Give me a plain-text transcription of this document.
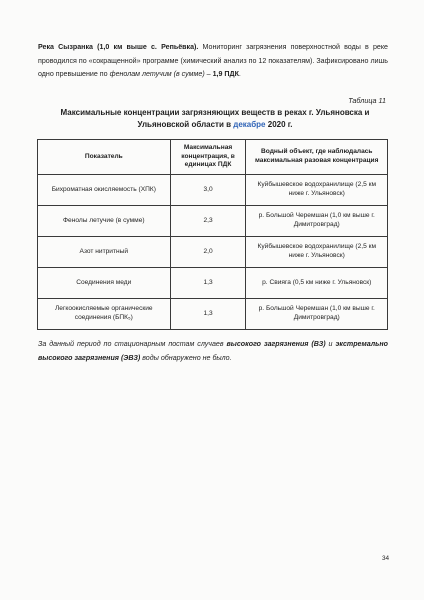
Река Сызранка (1,0 км выше с. Репьёвка). Мониторинг загрязнения поверхностной воды в реке проводился по «сокращенной» программе (химический анализ по 12 показателям). Зафиксировано лишь одно превышение по фенолам летучим (в сумме) – 1,9 ПДК.

Таблица 11
Максимальные концентрации загрязняющих веществ в реках г. Ульяновска и Ульяновской области в декабре 2020 г.
Показатель	Максимальная концентрация, в единицах ПДК	Водный объект, где наблюдалась максимальная разовая концентрация
Бихроматная окисляемость (ХПК)	3,0	Куйбышевское водохранилище (2,5 км ниже г. Ульяновск)
Фенолы летучие (в сумме)	2,3	р. Большой Черемшан (1,0 км выше г. Димитровград)
Азот нитритный	2,0	Куйбышевское водохранилище (2,5 км ниже г. Ульяновск)
Соединения меди	1,3	р. Свияга (0,5 км ниже г. Ульяновск)
Легкоокисляемые органические соединения (БПК₅)	1,3	р. Большой Черемшан (1,0 км выше г. Димитровград)

За данный период по стационарным постам случаев высокого загрязнения (ВЗ) и экстремально высокого загрязнения (ЭВЗ) воды обнаружено не было.

34
